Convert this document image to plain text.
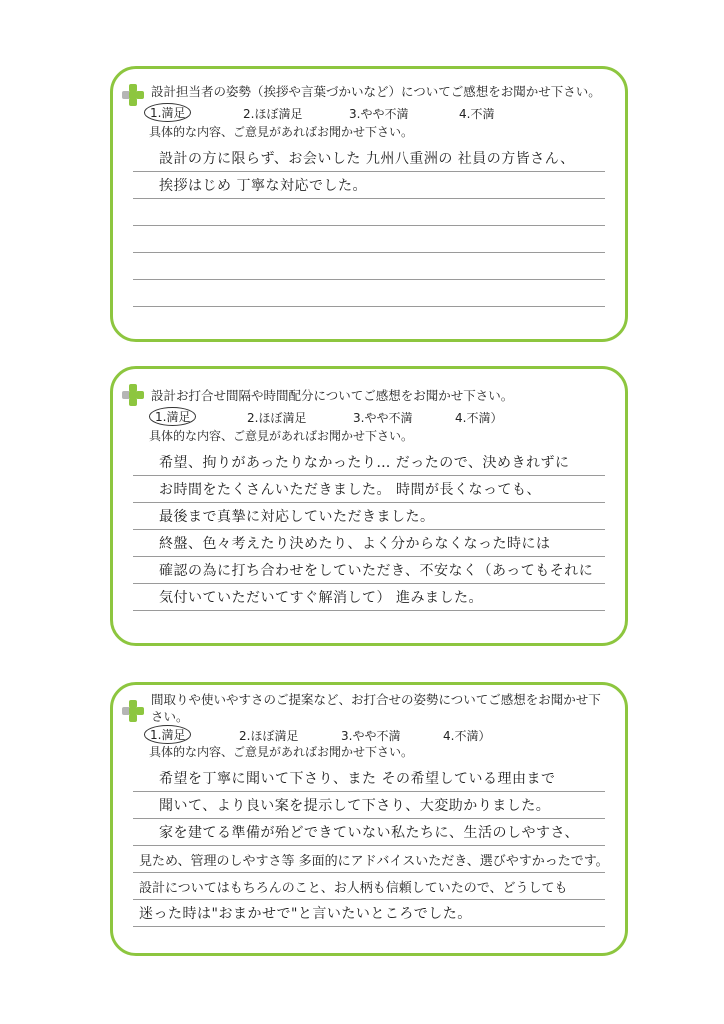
設計担当者の姿勢（挨拶や言葉づかいなど）についてご感想をお聞かせ下さい。
1.満足	2.ほぼ満足	3.やや不満	4.不満
具体的な内容、ご意見があればお聞かせ下さい。
設計の方に限らず、お会いした 九州八重洲の 社員の方皆さん、
挨拶はじめ 丁寧な対応でした。
設計お打合せ間隔や時間配分についてご感想をお聞かせ下さい。
1.満足	2.ほぼ満足	3.やや不満	4.不満）
具体的な内容、ご意見があればお聞かせ下さい。
希望、拘りがあったりなかったり… だったので、決めきれずに
お時間をたくさんいただきました。 時間が長くなっても、
最後まで真摯に対応していただきました。
終盤、色々考えたり決めたり、よく分からなくなった時には
確認の為に打ち合わせをしていただき、不安なく（あってもそれに
気付いていただいてすぐ解消して） 進みました。
間取りや使いやすさのご提案など、お打合せの姿勢についてご感想をお聞かせ下さい。
1.満足	2.ほぼ満足	3.やや不満	4.不満）
具体的な内容、ご意見があればお聞かせ下さい。
希望を丁寧に聞いて下さり、また その希望している理由まで
聞いて、より良い案を提示して下さり、大変助かりました。
家を建てる準備が殆どできていない私たちに、生活のしやすさ、
見ため、管理のしやすさ等 多面的にアドバイスいただき、選びやすかったです。
設計についてはもちろんのこと、お人柄も信頼していたので、どうしても
迷った時は"おまかせで"と言いたいところでした。
